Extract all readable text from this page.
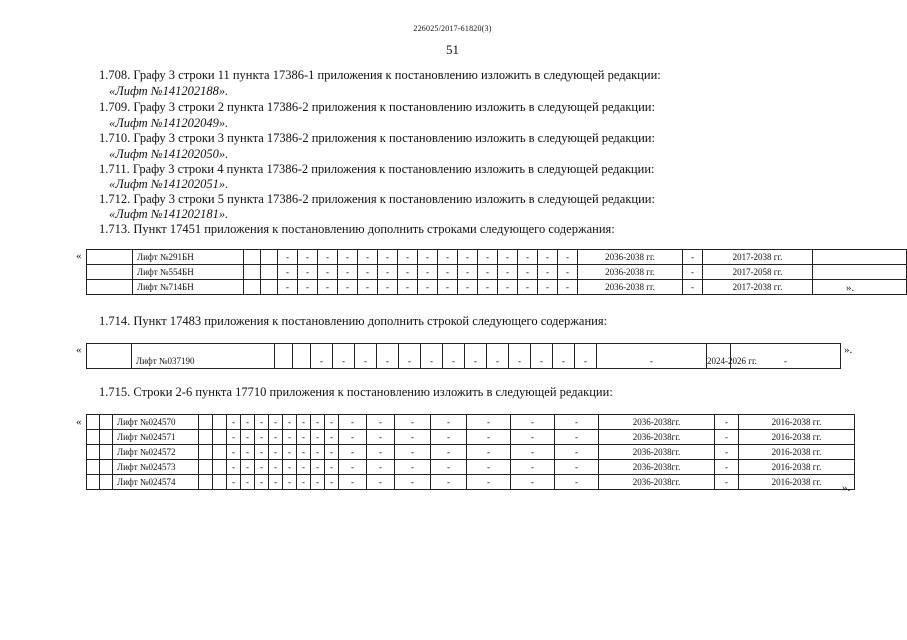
226025/2017-61820(3)
51
1.708. Графу 3 строки 11 пункта 17386-1 приложения к постановлению изложить в следующей редакции:
«Лифт №141202188».
1.709. Графу 3 строки 2 пункта 17386-2 приложения к постановлению изложить в следующей редакции:
«Лифт №141202049».
1.710. Графу 3 строки 3 пункта 17386-2 приложения к постановлению изложить в следующей редакции:
«Лифт №141202050».
1.711. Графу 3 строки 4 пункта 17386-2 приложения к постановлению изложить в следующей редакции:
«Лифт №141202051».
1.712. Графу 3 строки 5 пункта 17386-2 приложения к постановлению изложить в следующей редакции:
«Лифт №141202181».
1.713. Пункт 17451 приложения к постановлению дополнить строками следующего содержания:
«
		Лифт №291БН			-	-	-	-	-	-	-	-	-	-	-	-	-	-	-	2036-2038 гг.	-	2017-2038 гг.	
	Лифт №554БН			-	-	-	-	-	-	-	-	-	-	-	-	-	-	-	2036-2038 гг.	-	2017-2058 гг.	
	Лифт №714БН			-	-	-	-	-	-	-	-	-	-	-	-	-	-	-	2036-2038 гг.	-	2017-2038 гг.		».
1.714. Пункт 17483 приложения к постановлению дополнить строкой следующего содержания:
«
	Лифт №037190			-	-	-	-	-	-	-	-	-	-	-	-	-	-	2024-2026 гг.	-	
».
1.715. Строки 2-6 пункта 17710 приложения к постановлению изложить в следующей редакции:
«
			Лифт №024570			-	-	-	-	-	-	-	-	-	-	-	-	-	-	-	2036-2038гг.	-	2016-2038 гг.
		Лифт №024571			-	-	-	-	-	-	-	-	-	-	-	-	-	-	-	2036-2038гг.	-	2016-2038 гг.
		Лифт №024572			-	-	-	-	-	-	-	-	-	-	-	-	-	-	-	2036-2038гг.	-	2016-2038 гг.
		Лифт №024573			-	-	-	-	-	-	-	-	-	-	-	-	-	-	-	2036-2038гг.	-	2016-2038 гг.
		Лифт №024574			-	-	-	-	-	-	-	-	-	-	-	-	-	-	-	2036-2038гг.	-	2016-2038 гг. ».
